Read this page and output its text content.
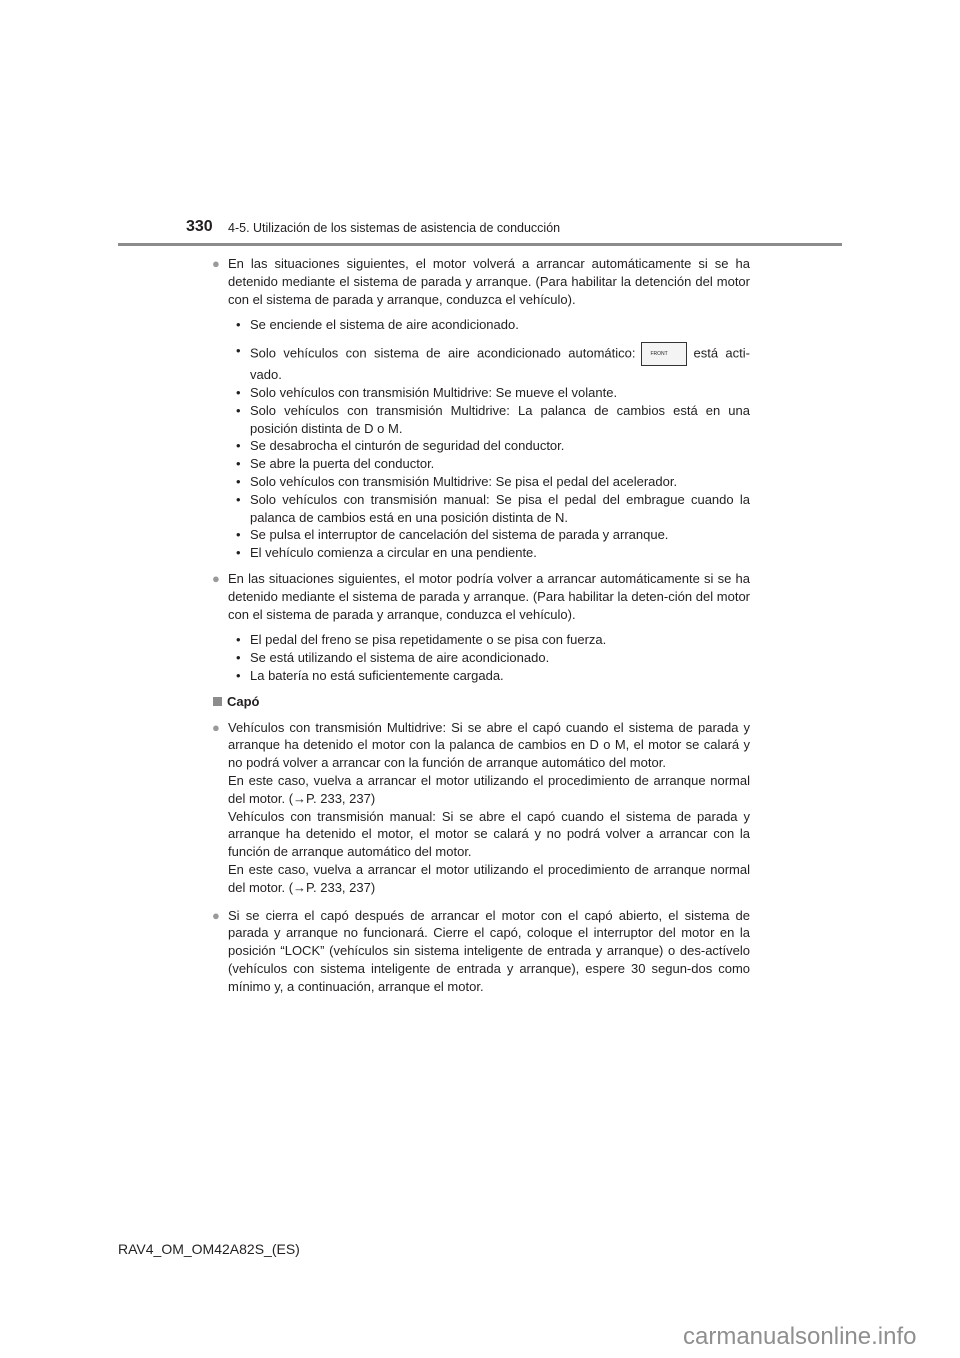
330 4-5. Utilización de los sistemas de asistencia de conducción
● En las situaciones siguientes, el motor volverá a arrancar automáticamente si se ha detenido mediante el sistema de parada y arranque. (Para habilitar la detención del motor con el sistema de parada y arranque, conduzca el vehículo).
• Se enciende el sistema de aire acondicionado.
• Solo vehículos con sistema de aire acondicionado automático:	FRONT está acti-vado.
• Solo vehículos con transmisión Multidrive: Se mueve el volante.
• Solo vehículos con transmisión Multidrive: La palanca de cambios está en una posición distinta de D o M.
• Se desabrocha el cinturón de seguridad del conductor.
• Se abre la puerta del conductor.
• Solo vehículos con transmisión Multidrive: Se pisa el pedal del acelerador.
• Solo vehículos con transmisión manual: Se pisa el pedal del embrague cuando la palanca de cambios está en una posición distinta de N.
• Se pulsa el interruptor de cancelación del sistema de parada y arranque.
• El vehículo comienza a circular en una pendiente.
● En las situaciones siguientes, el motor podría volver a arrancar automáticamente si se ha detenido mediante el sistema de parada y arranque. (Para habilitar la deten-ción del motor con el sistema de parada y arranque, conduzca el vehículo).
• El pedal del freno se pisa repetidamente o se pisa con fuerza.
• Se está utilizando el sistema de aire acondicionado.
• La batería no está suficientemente cargada.
Capó
● Vehículos con transmisión Multidrive: Si se abre el capó cuando el sistema de parada y arranque ha detenido el motor con la palanca de cambios en D o M, el motor se calará y no podrá volver a arrancar con la función de arranque automático del motor.
En este caso, vuelva a arrancar el motor utilizando el procedimiento de arranque normal del motor. (→P. 233, 237)
Vehículos con transmisión manual: Si se abre el capó cuando el sistema de parada y arranque ha detenido el motor, el motor se calará y no podrá volver a arrancar con la función de arranque automático del motor.
En este caso, vuelva a arrancar el motor utilizando el procedimiento de arranque normal del motor. (→P. 233, 237)
● Si se cierra el capó después de arrancar el motor con el capó abierto, el sistema de parada y arranque no funcionará. Cierre el capó, coloque el interruptor del motor en la posición “LOCK” (vehículos sin sistema inteligente de entrada y arranque) o des-actívelo (vehículos con sistema inteligente de entrada y arranque), espere 30 segun-dos como mínimo y, a continuación, arranque el motor.
RAV4_OM_OM42A82S_(ES)
carmanualsonline.info
